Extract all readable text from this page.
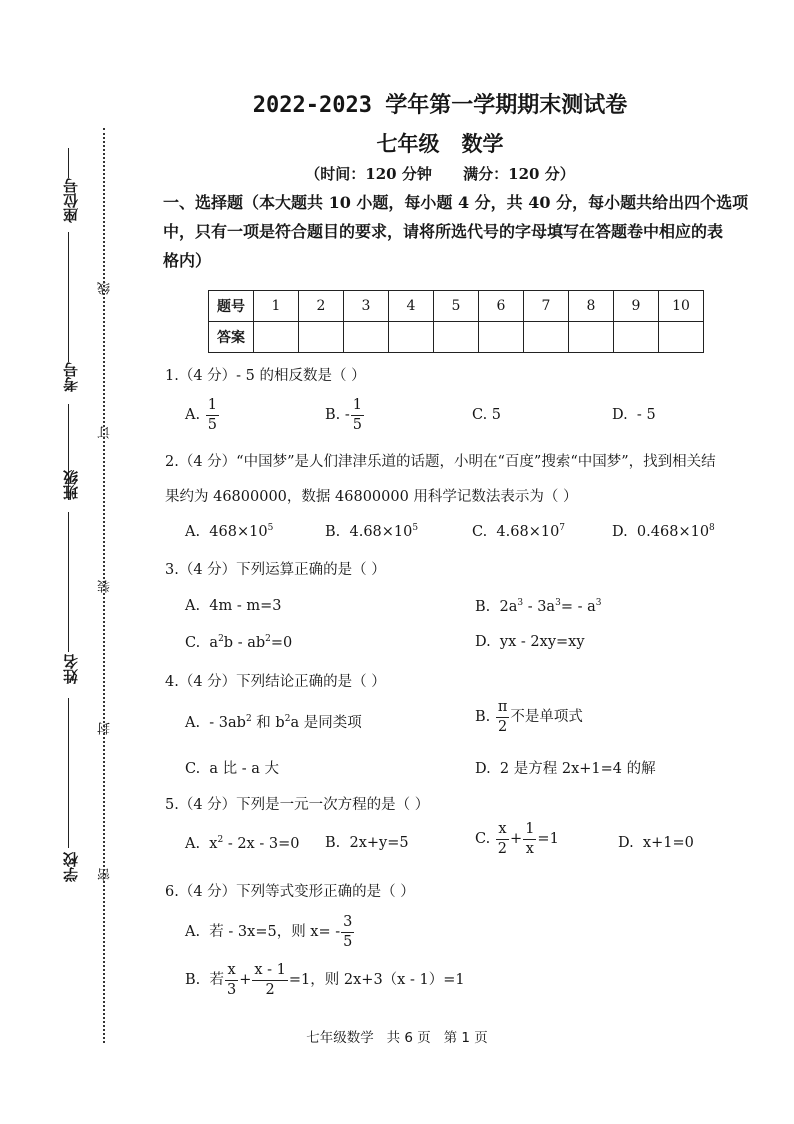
座位号
考号
班级
姓名
学校
线
订
装
封
密
2022-2023 学年第一学期期末测试卷
七年级   数学
（时间：120 分钟      满分：120 分）
一、选择题（本大题共 10 小题，每小题 4 分，共 40 分，每小题共给出四个选项
中，只有一项是符合题目的要求，请将所选代号的字母填写在答题卷中相应的表
格内）
题号	1	2	3	4	5	6	7	8	9	10
答案										
1.（4 分）- 5 的相反数是（ ）
A. $\frac{1}{5}$	B. - $\frac{1}{5}$	C. 5	D.  - 5
2.（4 分）“中国梦”是人们津津乐道的话题，小明在“百度”搜索“中国梦”，找到相关结
果约为 46800000，数据 46800000 用科学记数法表示为（ ）
A.  $468\times 10^5$	B.  $4.68\times 10^5$	C.  $4.68\times 10^7$	D.  $0.468\times 10^8$
3.（4 分）下列运算正确的是（ ）
A.  4m - m=3	B.  $2a^3 - 3a^3= - a^3$
C.  $a^2b - ab^2=0$	D.  yx - 2xy=xy
4.（4 分）下列结论正确的是（ ）
A.  - $3ab^2$ 和 $b^2a$ 是同类项	B. $\frac{\pi}{2}$ 不是单项式
C.  a 比 - a 大	D.  2 是方程 2x+1=4 的解
5.（4 分）下列是一元一次方程的是（ ）
A.  $x^2 - 2x - 3=0$ B.  2x+y=5	C. $\frac{x}{2} + \frac{1}{x} =1$	D.  x+1=0
6.（4 分）下列等式变形正确的是（ ）
A.  若 - 3x=5，则 $x= - \frac{3}{5}$
B.  若 $\frac{x}{3} + \frac{x - 1}{2} =1$，则 2x+3（x - 1）=1
七年级数学   共 6 页   第 1 页
